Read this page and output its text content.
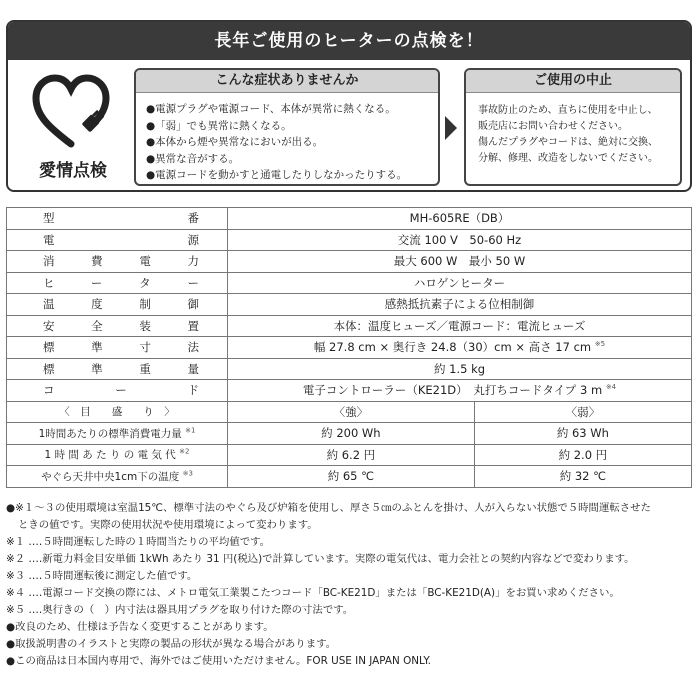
長年ご使用のヒーターの点検を！
愛情点検
こんな症状ありませんか
●電源プラグや電源コード、本体が異常に熱くなる。
●「弱」でも異常に熱くなる。
●本体から煙や異常なにおいが出る。
●異常な音がする。
●電源コードを動かすと通電したりしなかったりする。
ご使用の中止
事故防止のため、直ちに使用を中止し、
販売店にお問い合わせください。
傷んだプラグやコードは、絶対に交換、
分解、修理、改造をしないでください。
型番	MH-605RE（DB）	
電源	交流 100 V　50-60 Hz	
消費電力	最大 600 W　最小 50 W	
ヒーター	ハロゲンヒーター	
温度制御	感熱抵抗素子による位相制御	
安全装置	本体：温度ヒューズ／電源コード：電流ヒューズ	
標準寸法	幅 27.8 cm × 奥行き 24.8（30）cm × 高さ 17 cm $^{※5}$
標準重量	約 1.5 kg	
コード	電子コントローラー（KE21D）　丸打ちコードタイプ 3 m $^{※4}$
〈　目　　盛　　り　〉	〈強〉	〈弱〉
1時間あたりの標準消費電力量 $^{※1}$	約 200 Wh	約 63 Wh
1 時 間 あ た り の 電 気 代 $^{※2}$	約 6.2 円	約 2.0 円
やぐら天井中央1cm下の温度 $^{※3}$	約 65 ℃	約 32 ℃
●※１～３の使用環境は室温15℃、標準寸法のやぐら及び炉箱を使用し、厚さ５㎝のふとんを掛け、人が入らない状態で５時間運転させた
ときの値です。実際の使用状況や使用環境によって変わります。
※１ ‥‥５時間運転した時の１時間当たりの平均値です。
※２ ‥‥新電力料金目安単価 1kWh あたり 31 円(税込)で計算しています。実際の電気代は、電力会社との契約内容などで変わります。
※３ ‥‥５時間運転後に測定した値です。
※４ ‥‥電源コード交換の際には、メトロ電気工業製こたつコード「BC-KE21D」または「BC-KE21D(A)」をお買い求めください。
※５ ‥‥奥行きの（　）内寸法は器具用プラグを取り付けた際の寸法です。
●改良のため、仕様は予告なく変更することがあります。
●取扱説明書のイラストと実際の製品の形状が異なる場合があります。
●この商品は日本国内専用で、海外ではご使用いただけません。FOR USE IN JAPAN ONLY.
